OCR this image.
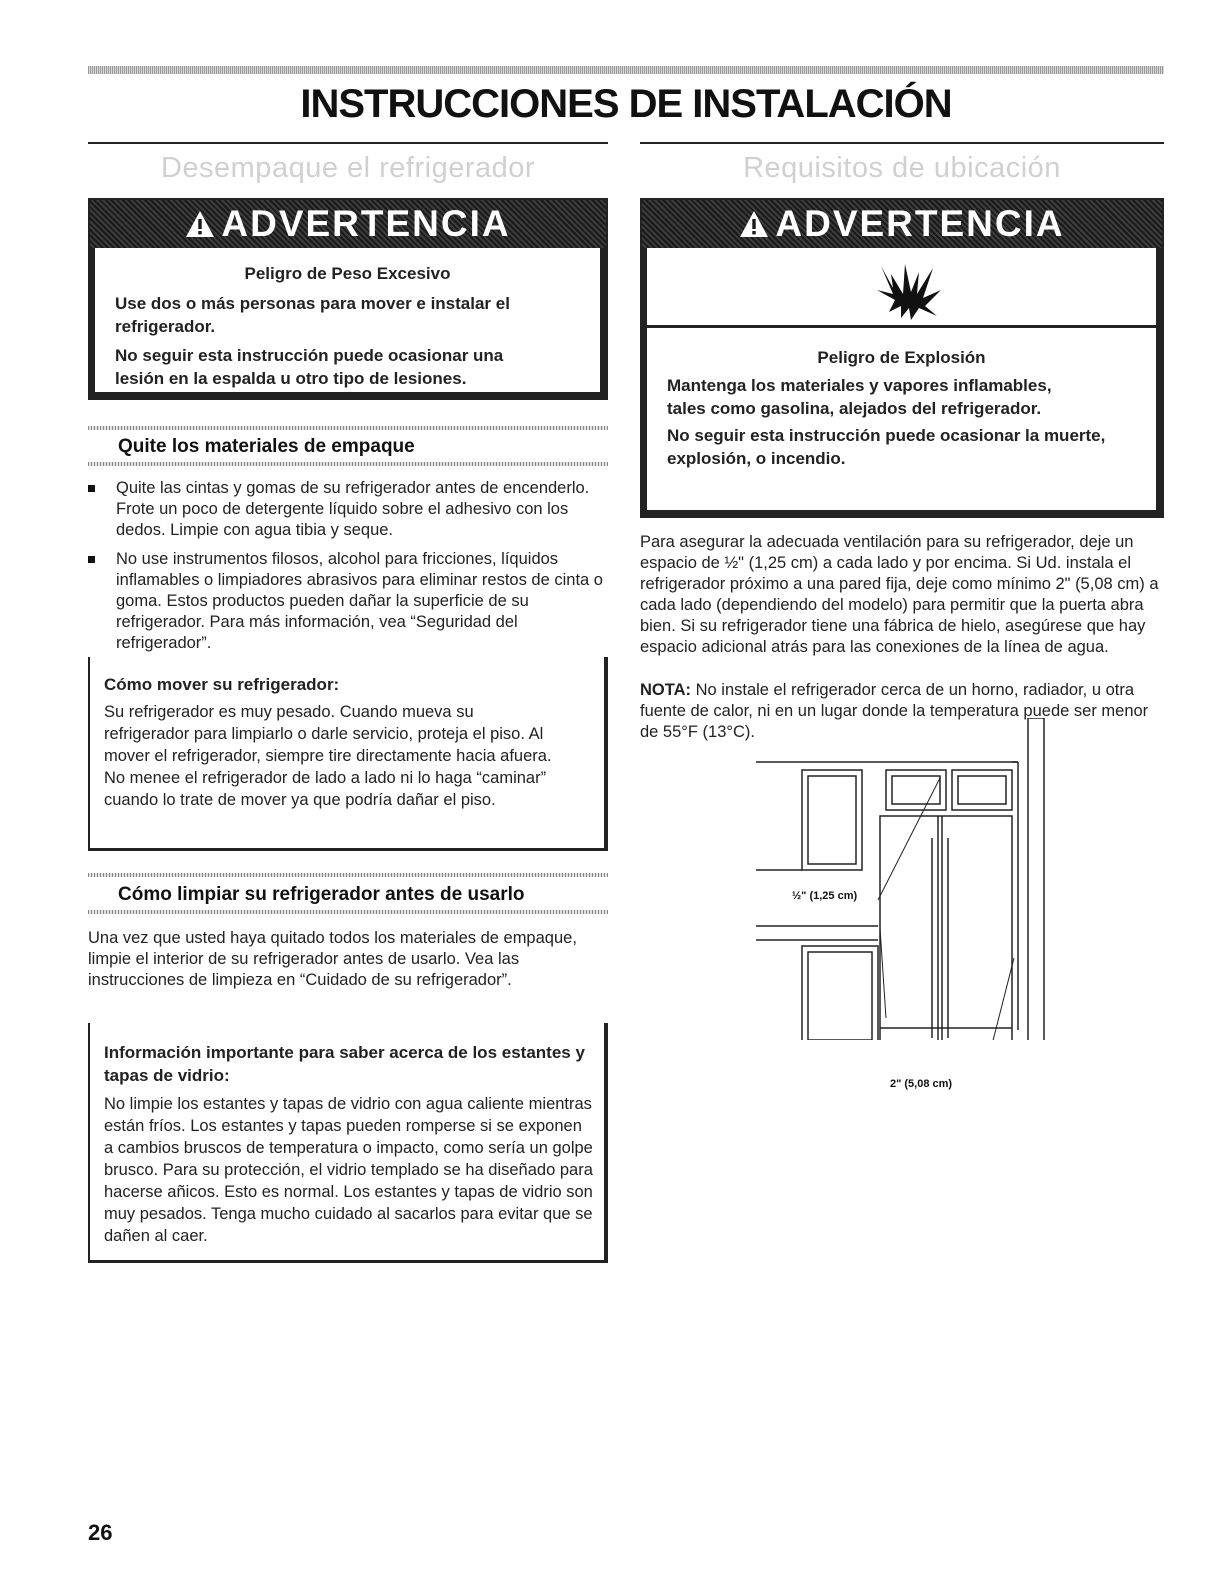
INSTRUCCIONES DE INSTALACIÓN
Desempaque el refrigerador	Requisitos de ubicación
ADVERTENCIA
Peligro de Peso Excesivo
Use dos o más personas para mover e instalar el refrigerador.
No seguir esta instrucción puede ocasionar una lesión en la espalda u otro tipo de lesiones.
Quite los materiales de empaque
Quite las cintas y gomas de su refrigerador antes de encenderlo. Frote un poco de detergente líquido sobre el adhesivo con los dedos. Limpie con agua tibia y seque.
No use instrumentos filosos, alcohol para fricciones, líquidos inflamables o limpiadores abrasivos para eliminar restos de cinta o goma. Estos productos pueden dañar la superficie de su refrigerador. Para más información, vea “Seguridad del refrigerador”.
Cómo mover su refrigerador:
Su refrigerador es muy pesado. Cuando mueva su refrigerador para limpiarlo o darle servicio, proteja el piso. Al mover el refrigerador, siempre tire directamente hacia afuera. No menee el refrigerador de lado a lado ni lo haga “caminar” cuando lo trate de mover ya que podría dañar el piso.
Cómo limpiar su refrigerador antes de usarlo
Una vez que usted haya quitado todos los materiales de empaque, limpie el interior de su refrigerador antes de usarlo. Vea las instrucciones de limpieza en “Cuidado de su refrigerador”.
Información importante para saber acerca de los estantes y tapas de vidrio:
No limpie los estantes y tapas de vidrio con agua caliente mientras están fríos. Los estantes y tapas pueden romperse si se exponen a cambios bruscos de temperatura o impacto, como sería un golpe brusco. Para su protección, el vidrio templado se ha diseñado para hacerse añicos. Esto es normal. Los estantes y tapas de vidrio son muy pesados. Tenga mucho cuidado al sacarlos para evitar que se dañen al caer.
ADVERTENCIA
Peligro de Explosión
Mantenga los materiales y vapores inflamables, tales como gasolina, alejados del refrigerador.
No seguir esta instrucción puede ocasionar la muerte, explosión, o incendio.
Para asegurar la adecuada ventilación para su refrigerador, deje un espacio de ½" (1,25 cm) a cada lado y por encima. Si Ud. instala el refrigerador próximo a una pared fija, deje como mínimo 2" (5,08 cm) a cada lado (dependiendo del modelo) para permitir que la puerta abra bien. Si su refrigerador tiene una fábrica de hielo, asegúrese que hay espacio adicional atrás para las conexiones de la línea de agua.
NOTA: No instale el refrigerador cerca de un horno, radiador, u otra fuente de calor, ni en un lugar donde la temperatura puede ser menor de 55°F (13°C).
½" (1,25 cm)
2" (5,08 cm)
26
